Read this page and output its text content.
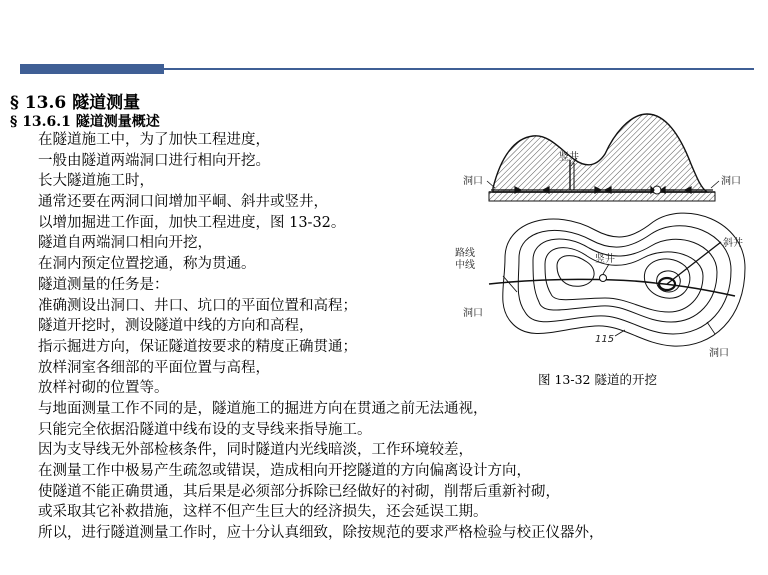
§ 13.6 隧道测量
§ 13.6.1 隧道测量概述
在隧道施工中，为了加快工程进度，
一般由隧道两端洞口进行相向开挖。
长大隧道施工时，
通常还要在两洞口间增加平峒、斜井或竖井，
以增加掘进工作面，加快工程进度，图 13-32。
隧道自两端洞口相向开挖，
在洞内预定位置挖通，称为贯通。
隧道测量的任务是：
准确测设出洞口、井口、坑口的平面位置和高程；
隧道开挖时，测设隧道中线的方向和高程，
指示掘进方向，保证隧道按要求的精度正确贯通；
放样洞室各细部的平面位置与高程，
放样衬砌的位置等。
与地面测量工作不同的是，隧道施工的掘进方向在贯通之前无法通视，
只能完全依据沿隧道中线布设的支导线来指导施工。
因为支导线无外部检核条件，同时隧道内光线暗淡，工作环境较差，
在测量工作中极易产生疏忽或错误，造成相向开挖隧道的方向偏离设计方向，
使隧道不能正确贯通，其后果是必须部分拆除已经做好的衬砌，削帮后重新衬砌，
或采取其它补救措施，这样不但产生巨大的经济损失，还会延误工期。
所以，进行隧道测量工作时，应十分认真细致，除按规范的要求严格检验与校正仪器外，
竖井
洞口	洞口
路线
中线
竖井
斜井
洞口
洞口
115
图 13-32 隧道的开挖
